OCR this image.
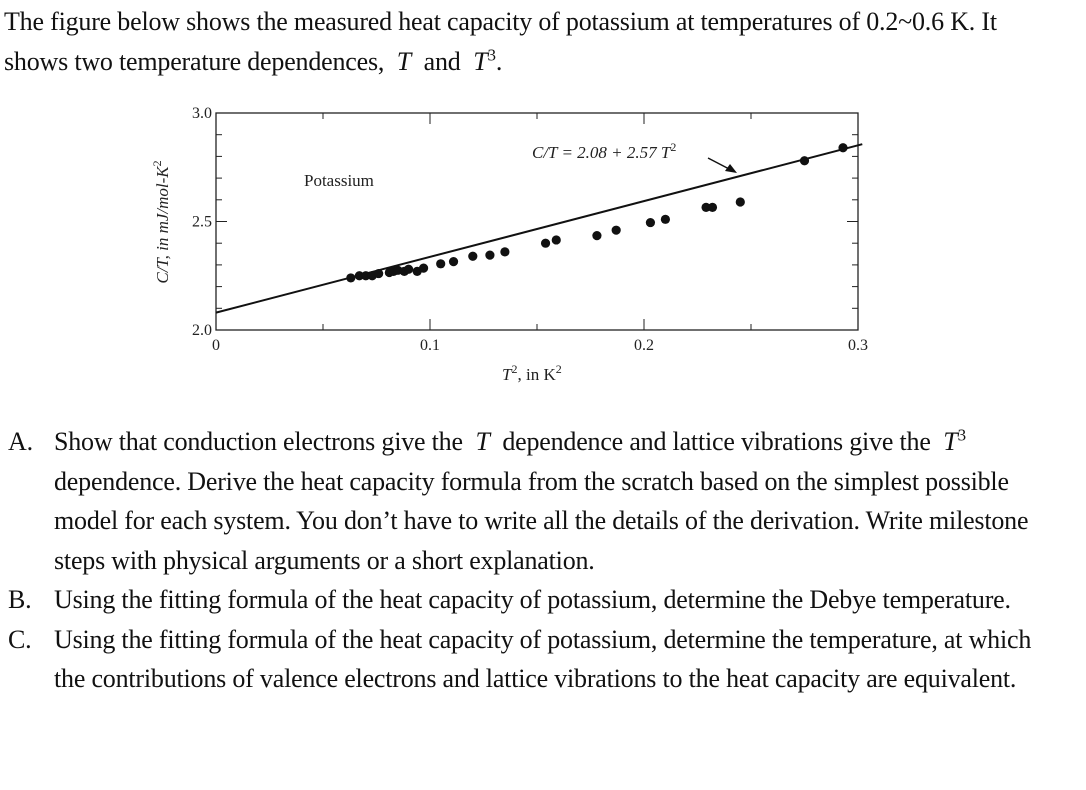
The figure below shows the measured heat capacity of potassium at temperatures of 0.2~0.6 K. It
shows two temperature dependences, T and $T^3$.
0	0.1	0.2	0.3
2.0
2.5
3.0
Potassium
C/T = 2.08 + 2.57 $T^2$
$T^2$, in $K^2$
C/T, in $mJ/mol-K^2$
A. Show that conduction electrons give the T dependence and lattice vibrations give the $T^3$ dependence. Derive the heat capacity formula from the scratch based on the simplest possible model for each system. You don’t have to write all the details of the derivation. Write milestone steps with physical arguments or a short explanation.
B. Using the fitting formula of the heat capacity of potassium, determine the Debye temperature.
C. Using the fitting formula of the heat capacity of potassium, determine the temperature, at which the contributions of valence electrons and lattice vibrations to the heat capacity are equivalent.
